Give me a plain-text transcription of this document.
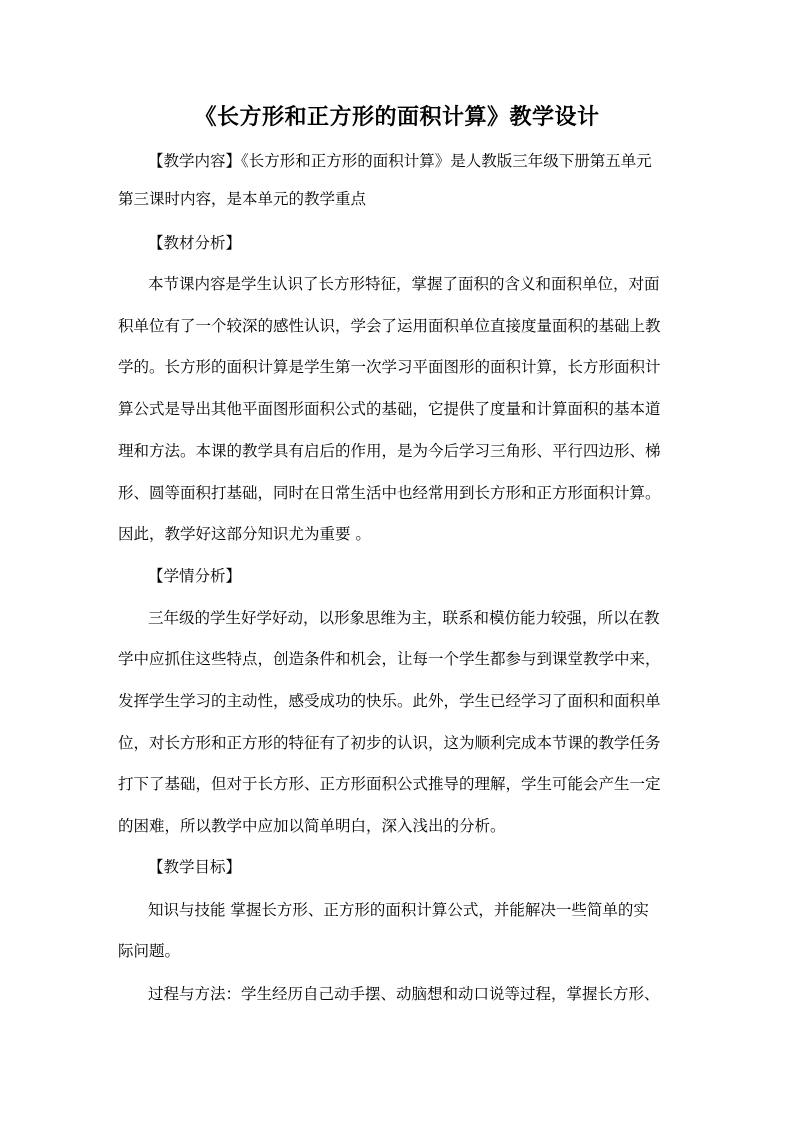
《长方形和正方形的面积计算》教学设计
【教学内容】《长方形和正方形的面积计算》是人教版三年级下册第五单元
第三课时内容，是本单元的教学重点
【教材分析】
本节课内容是学生认识了长方形特征，掌握了面积的含义和面积单位，对面
积单位有了一个较深的感性认识，学会了运用面积单位直接度量面积的基础上教
学的。长方形的面积计算是学生第一次学习平面图形的面积计算，长方形面积计
算公式是导出其他平面图形面积公式的基础，它提供了度量和计算面积的基本道
理和方法。本课的教学具有启后的作用，是为今后学习三角形、平行四边形、梯
形、圆等面积打基础，同时在日常生活中也经常用到长方形和正方形面积计算。
因此，教学好这部分知识尤为重要 。
【学情分析】
三年级的学生好学好动，以形象思维为主，联系和模仿能力较强，所以在教
学中应抓住这些特点，创造条件和机会，让每一个学生都参与到课堂教学中来，
发挥学生学习的主动性，感受成功的快乐。此外，学生已经学习了面积和面积单
位，对长方形和正方形的特征有了初步的认识，这为顺利完成本节课的教学任务
打下了基础，但对于长方形、正方形面积公式推导的理解，学生可能会产生一定
的困难，所以教学中应加以简单明白，深入浅出的分析。
【教学目标】
知识与技能 掌握长方形、正方形的面积计算公式，并能解决一些简单的实
际问题。
过程与方法：学生经历自己动手摆、动脑想和动口说等过程，掌握长方形、
